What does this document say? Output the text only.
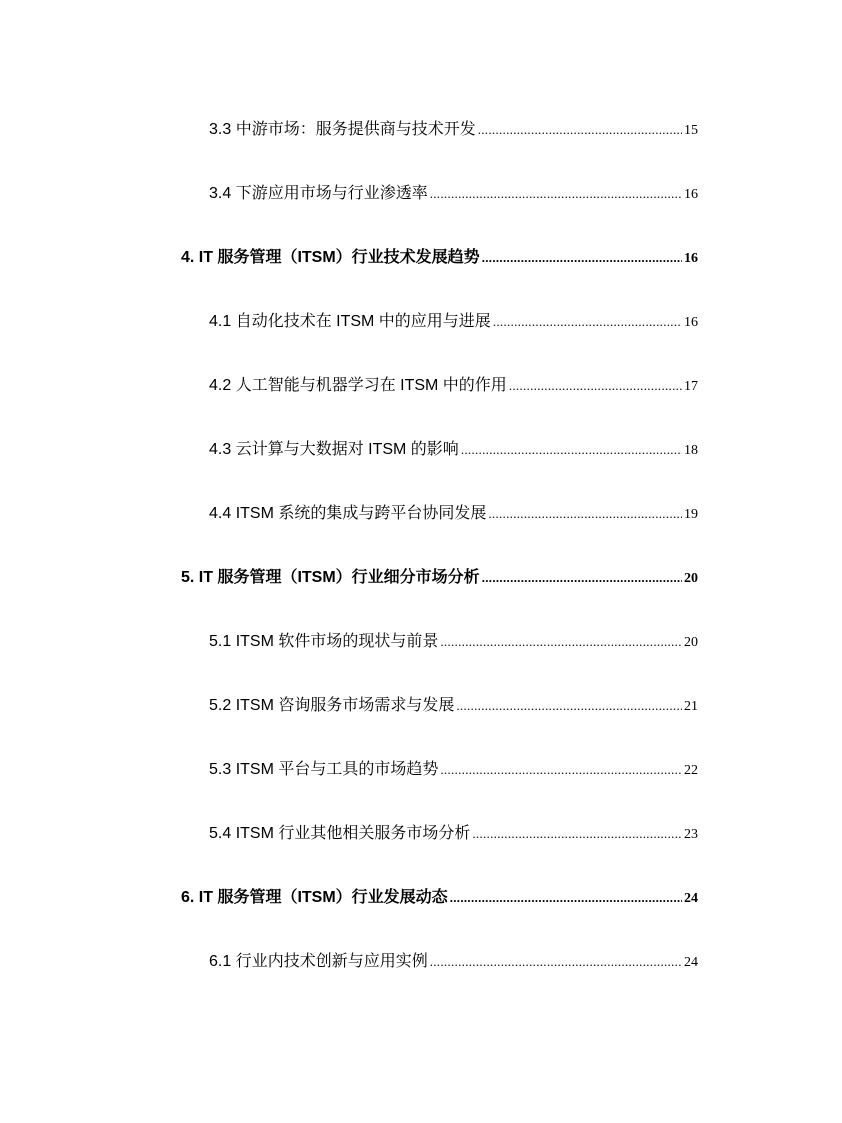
3.3 中游市场：服务提供商与技术开发 .....	15
3.4 下游应用市场与行业渗透率 .....	16
4. IT 服务管理（ITSM）行业技术发展趋势 .....	16
4.1 自动化技术在 ITSM 中的应用与进展 .....	16
4.2 人工智能与机器学习在 ITSM 中的作用 .....	17
4.3 云计算与大数据对 ITSM 的影响 .....	18
4.4 ITSM 系统的集成与跨平台协同发展 .....	19
5. IT 服务管理（ITSM）行业细分市场分析 .....	20
5.1 ITSM 软件市场的现状与前景 .....	20
5.2 ITSM 咨询服务市场需求与发展 .....	21
5.3 ITSM 平台与工具的市场趋势 .....	22
5.4 ITSM 行业其他相关服务市场分析 .....	23
6. IT 服务管理（ITSM）行业发展动态 .....	24
6.1 行业内技术创新与应用实例 .....	24
